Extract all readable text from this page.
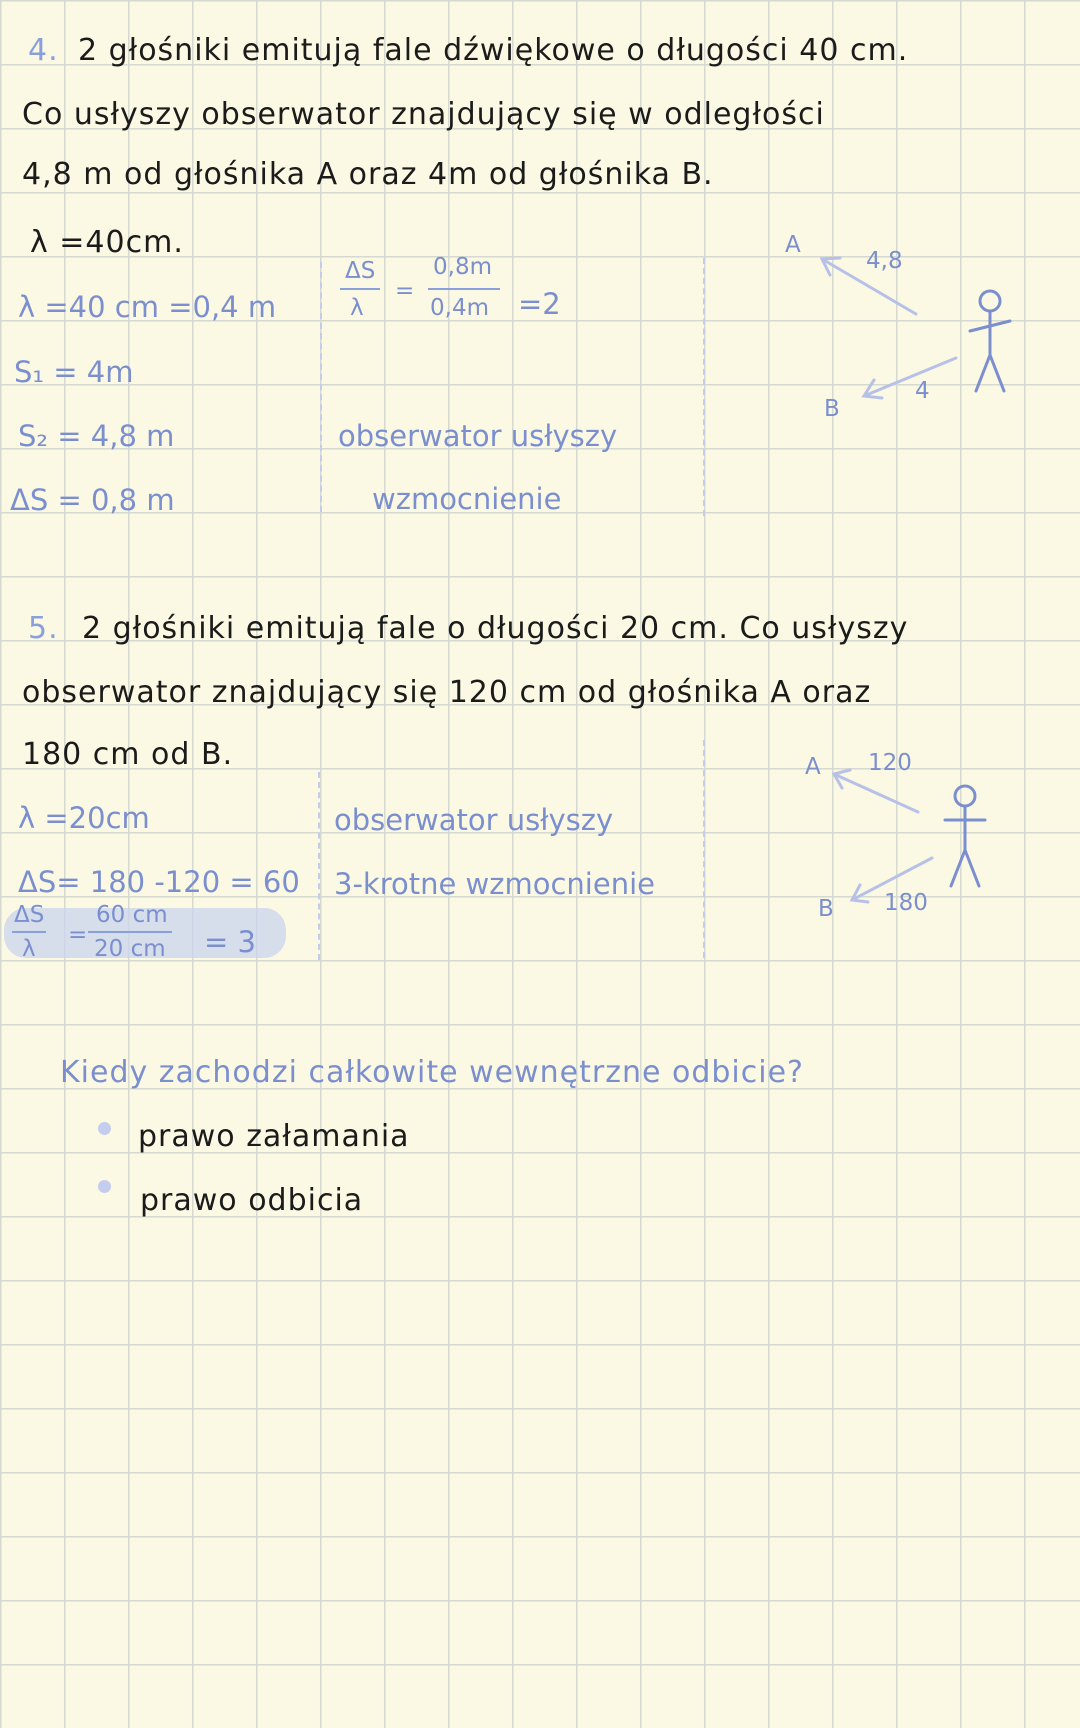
4. 2 głośniki emitują fale dźwiękowe o długości 40 cm.
Co usłyszy obserwator znajdujący się w odległości
4,8 m od głośnika A oraz 4m od głośnika B.
λ =40cm.
λ =40 cm =0,4 m
S₁ = 4m
S₂ = 4,8 m
ΔS = 0,8 m
ΔS
λ
=
0,8m
0,4m =2
obserwator usłyszy
wzmocnienie
A
4,8
B
4
5. 2 głośniki emitują fale o długości 20 cm. Co usłyszy
obserwator znajdujący się 120 cm od głośnika A oraz
180 cm od B.
λ =20cm
ΔS= 180 -120 = 60
ΔS
λ
=
60 cm
20 cm = 3
obserwator usłyszy
3-krotne wzmocnienie
A 120
B 180
Kiedy zachodzi całkowite wewnętrzne odbicie?
prawo załamania
prawo odbicia
